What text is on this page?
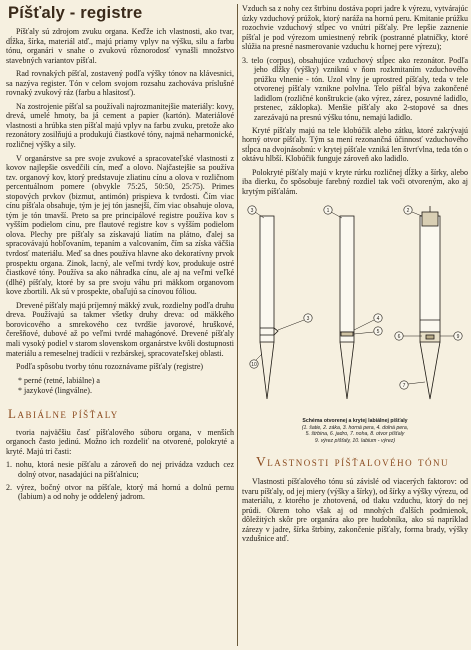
Píšťaly - registre
Píšťaly sú zdrojom zvuku organa. Keďže ich vlastnosti, ako tvar, dĺžka, šírka, materiál atď., majú priamy vplyv na výšku, silu a farbu tónu, organári v snahe o zvukovú rôznorodosť vynašli množstvo stavebných variantov píšťal.
Rad rovnakých píšťal, zostavený podľa výšky tónov na klávesnici, sa nazýva register. Tón v celom svojom rozsahu zachováva príslušné rovnaký zvukový ráz (farbu a hlasitosť).
Na zostrojenie píšťal sa používali najrozmanitejšie materiály: kovy, drevá, umelé hmoty, ba já cement a papier (kartón). Materiálové vlastnosti a hrúbka sten píšťal majú vplyv na farbu zvuku, pretože ako rezonátory zosilňujú a produkujú čiastkové tóny, najmä neharmonické, rozličnej výšky a sily.
V organárstve sa pre svoje zvukové a spracovateľské vlastnosti z kovov najlepšie osvedčili cín, meď a olovo. Najčastejšie sa používa tzv. organový kov, ktorý predstavuje zliatinu cínu a olova v rozličnom percentuálnom pomere (obvykle 75:25, 50:50, 25:75). Primes stopových prvkov (bizmut, antimón) prispieva k tvrdosti. Čím viac cínu píšťala obsahuje, tým je jej tón jasnejší, čím viac obsahuje olova, tým je tón tmavší. Preto sa pre principálové registre používa kov s vyšším podielom cínu, pre flautové registre kov s vyšším podielom olova. Plechy pre píšťaly sa získavajú liatím na plátno, ďalej sa spracovávajú hobľovaním, tepaním a valcovaním, čím sa získa väčšia tvrdosť materiálu. Meď sa dnes používa hlavne ako dekoratívny prvok prospektu organa. Zinok, lacný, ale veľmi tvrdý kov, produkuje ostré čiastkové tóny. Používa sa ako náhradka cínu, ale aj na veľmi veľké (dlhé) píšťaly, ktoré by sa pre svoju váhu pri mäkkom organovom kove zbortili. Ak sú v prospekte, obaľujú sa cínovou fóliou.
Drevené píšťaly majú príjemný mäkký zvuk, rozdielny podľa druhu dreva. Používajú sa takmer všetky druhy dreva: od mäkkého borovicového a smrekového cez tvrdšie javorové, hruškové, čerešňové, dubové až po veľmi tvrdé mahagónové. Drevené píšťaly mali vysoký podiel v starom slovenskom organárstve kvôli dostupnosti materiálu a remeselnej tradícii v rezbárskej, spracovateľskej oblasti.
Podľa spôsobu tvorby tónu rozoznávame píšťaly (registre)
* perné (retné, labiálne) a
* jazykové (lingválne).
Labiálne píšťaly
tvoria najväčšiu časť píšťalového súboru organa, v menších organoch často jedinú. Možno ich rozdeliť na otvorené, polokryté a kryté. Majú tri časti:
1. nohu, ktorá nesie píšťalu a zároveň do nej privádza vzduch cez dolný otvor, nasadajúci na píšťalnicu;
2. výrez, bočný otvor na píšťale, ktorý má hornú a dolnú pernu (labium) a od nohy je oddelený jadrom.
Vzduch sa z nohy cez štrbinu dostáva popri jadre k výrezu, vytvárajúc úzky vzduchový prúžok, ktorý naráža na hornú peru. Kmitanie prúžku rozochvie vzduchový stĺpec vo vnútri píšťaly. Pre lepšie zaznenie píšťal je pod výrezom umiestnený rebrík (postranné platničky, ktoré slúžia na presné nasmerovanie vzduchu k hornej pere výrezu);
3. telo (corpus), obsahujúce vzduchový stĺpec ako rezonátor. Podľa jeho dĺžky (výšky) vzniknú v ňom rozkmitaním vzduchového prúžku vlnenie - tón. Uzol vlny je uprostred píšťaly, teda v tele otvorenej píšťaly vznikne polvlna. Telo píšťal býva zakončené ladidlom (rozličné konštrukcie (ako výrez, zárez, posuvné ladidlo, prstenec, záklopka). Menšie píšťaly ako 2-stopové sa dnes zarezávajú na presnú výšku tónu, nemajú ladidlo.
Kryté píšťaly majú na tele klobúčik alebo zátku, ktoré zakrývajú horný otvor píšťaly. Tým sa mení rezonančná účinnosť vzduchového stĺpca na dvojnásobnú: v krytej píšťale vzniká len štvrťvlna, teda tón o oktávu hlbší. Klobúčik funguje zároveň ako ladidlo.
Polokryté píšťaly majú v kryte rúrku rozličnej dĺžky a šírky, alebo iba dierku, čo spôsobuje farebný rozdiel tak voči otvoreným, ako aj krytým píšťalám.
3	1	2
3	4
5
10
6	9
7
Schéma otvorenej a krytej labiálnej píšťaly
(1. šatie, 2. záka, 3. horná pera, 4. dolná pera,
5. štrbina, 6. jadro, 7. noha, 8. otvor píšťaly
9. výrez píšťaly, 10. labium - výrez)
Vlastnosti píšťalového tónu
Vlastnosti píšťalového tónu sú závislé od viacerých faktorov: od tvaru píšťaly, od jej miery (výšky a šírky), od šírky a výšky výrezu, od materiálu, z ktorého je zhotovená, od tlaku vzduchu, ktorý do nej prúdi. Okrem toho však aj od mnohých ďalších podmienok, dôležitých skôr pre organára ako pre hudobníka, ako sú napríklad zárezy v jadre, šírka štrbiny, zakončenie píšťaly, forma brady, výšky vzdušnice atď.
